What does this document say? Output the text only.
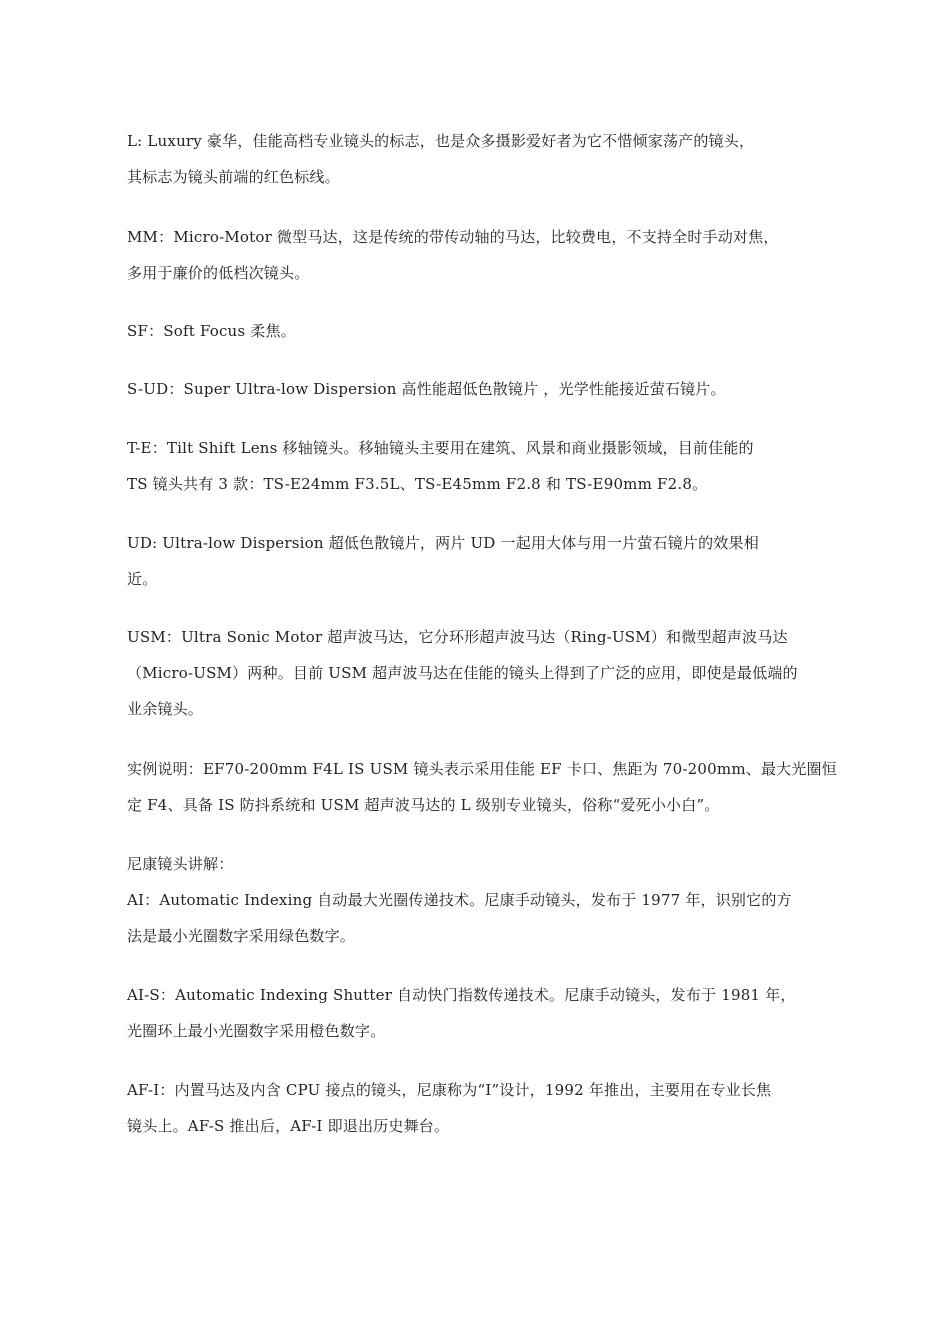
L: Luxury 豪华，佳能高档专业镜头的标志，也是众多摄影爱好者为它不惜倾家荡产的镜头，
其标志为镜头前端的红色标线。
MM：Micro-Motor 微型马达，这是传统的带传动轴的马达，比较费电，不支持全时手动对焦，
多用于廉价的低档次镜头。
SF：Soft Focus 柔焦。
S-UD：Super Ultra-low Dispersion 高性能超低色散镜片 ，光学性能接近萤石镜片。
T-E：Tilt Shift Lens 移轴镜头。移轴镜头主要用在建筑、风景和商业摄影领域，目前佳能的
TS 镜头共有 3 款：TS-E24mm F3.5L、TS-E45mm F2.8 和 TS-E90mm F2.8。
UD: Ultra-low Dispersion 超低色散镜片，两片 UD 一起用大体与用一片萤石镜片的效果相
近。
USM：Ultra Sonic Motor 超声波马达，它分环形超声波马达（Ring-USM）和微型超声波马达
（Micro-USM）两种。目前 USM 超声波马达在佳能的镜头上得到了广泛的应用，即使是最低端的
业余镜头。
实例说明：EF70-200mm F4L IS USM 镜头表示采用佳能 EF 卡口、焦距为 70-200mm、最大光圈恒
定 F4、具备 IS 防抖系统和 USM 超声波马达的 L 级别专业镜头，俗称“爱死小小白”。
尼康镜头讲解：
AI：Automatic Indexing 自动最大光圈传递技术。尼康手动镜头，发布于 1977 年，识别它的方
法是最小光圈数字采用绿色数字。
AI-S：Automatic Indexing Shutter 自动快门指数传递技术。尼康手动镜头，发布于 1981 年，
光圈环上最小光圈数字采用橙色数字。
AF-I：内置马达及内含 CPU 接点的镜头，尼康称为“I”设计，1992 年推出，主要用在专业长焦
镜头上。AF-S 推出后，AF-I 即退出历史舞台。
